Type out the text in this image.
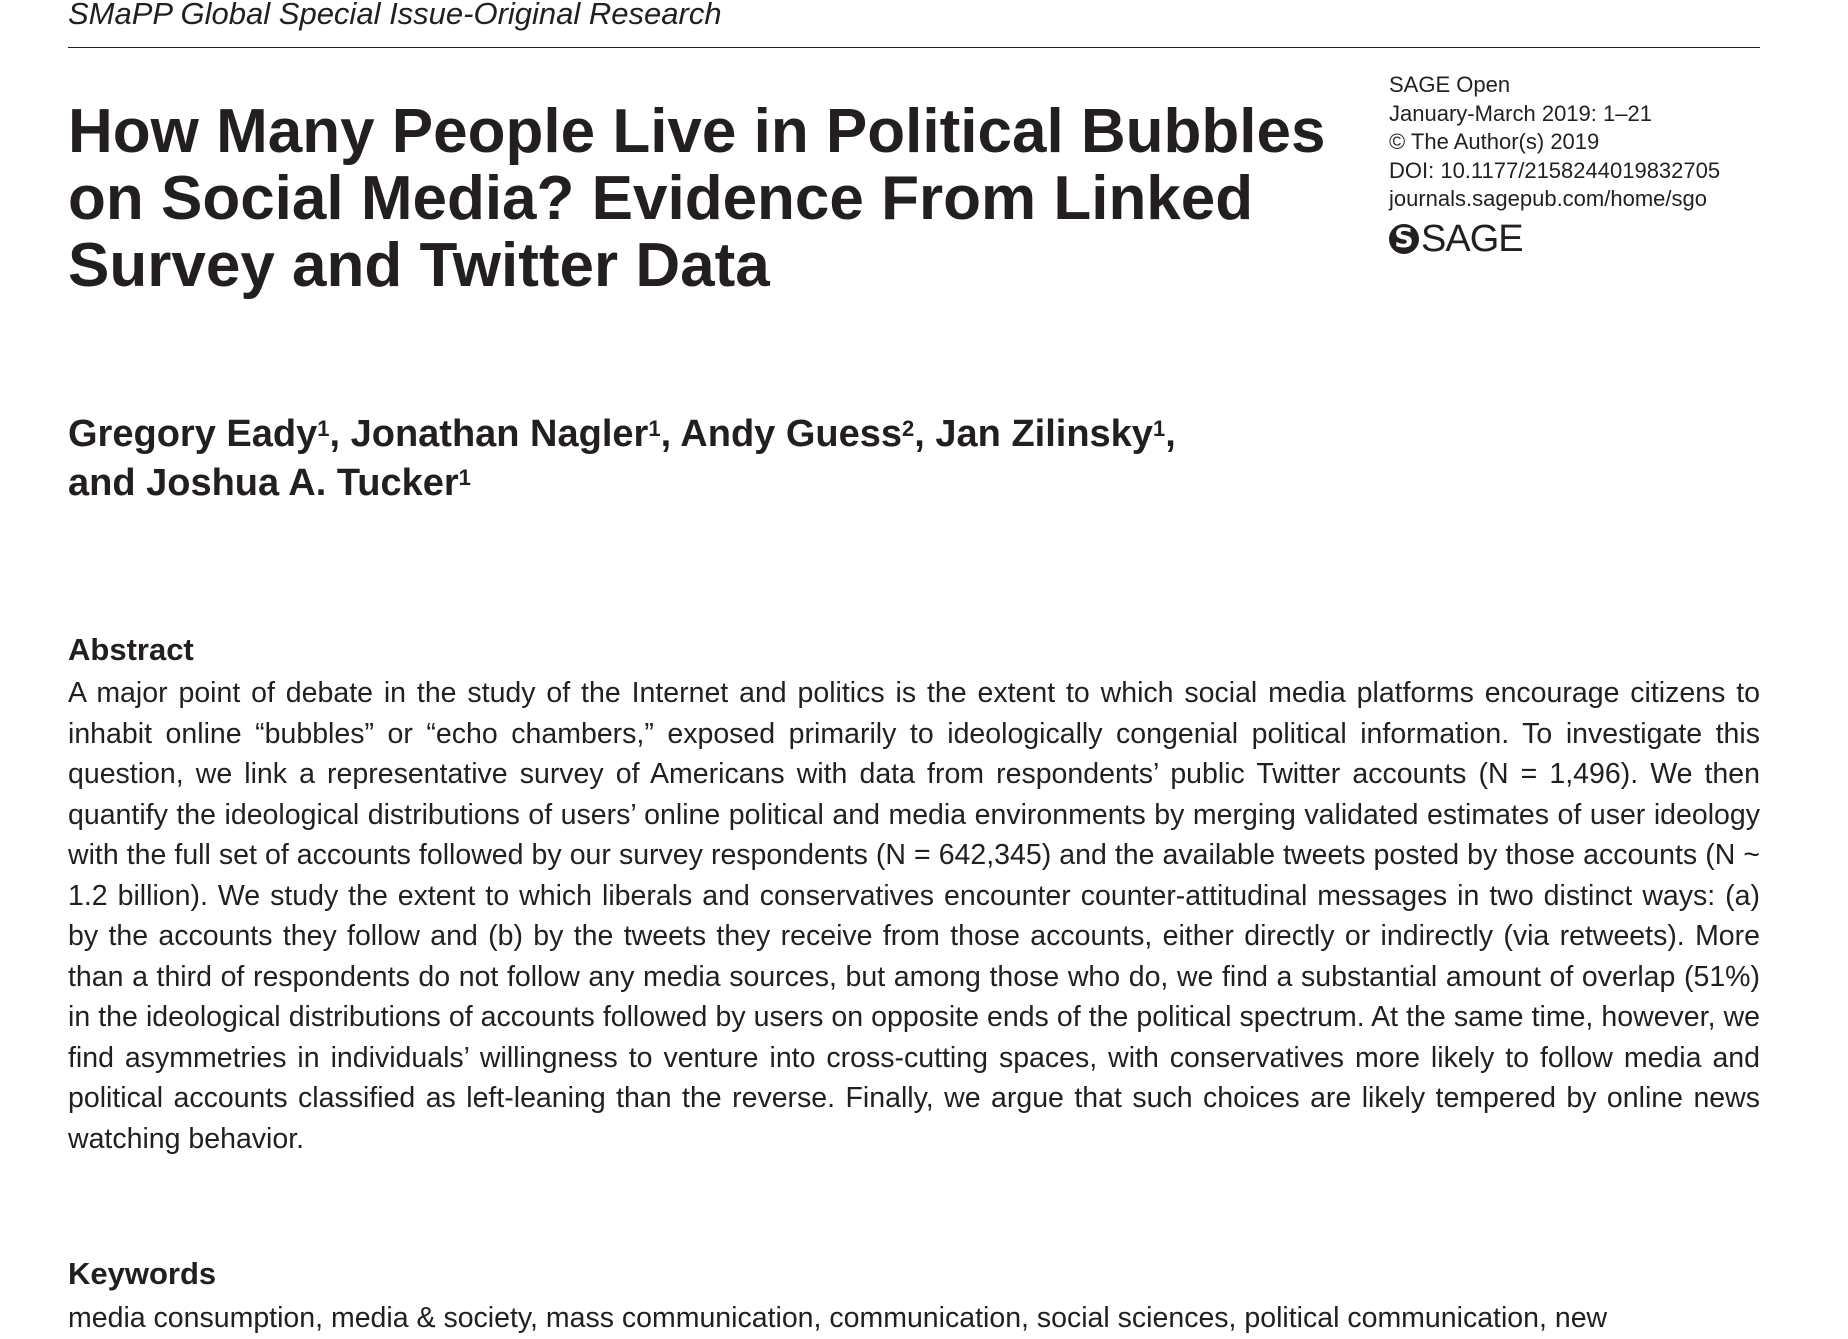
SMaPP Global Special Issue-Original Research
How Many People Live in Political Bubbles on Social Media? Evidence From Linked Survey and Twitter Data
SAGE Open
January-March 2019: 1–21
© The Author(s) 2019
DOI: 10.1177/2158244019832705
journals.sagepub.com/home/sgo
S SAGE
Gregory Eady$^1$, Jonathan Nagler$^1$, Andy Guess$^2$, Jan Zilinsky$^1$,
and Joshua A. Tucker$^1$
Abstract

A major point of debate in the study of the Internet and politics is the extent to which social media platforms encourage citizens to inhabit online “bubbles” or “echo chambers,” exposed primarily to ideologically congenial political information. To investigate this question, we link a representative survey of Americans with data from respondents’ public Twitter accounts (N = 1,496). We then quantify the ideological distributions of users’ online political and media environments by merging validated estimates of user ideology with the full set of accounts followed by our survey respondents (N = 642,345) and the available tweets posted by those accounts (N ~ 1.2 billion). We study the extent to which liberals and conservatives encounter counter-attitudinal messages in two distinct ways: (a) by the accounts they follow and (b) by the tweets they receive from those accounts, either directly or indirectly (via retweets). More than a third of respondents do not follow any media sources, but among those who do, we find a substantial amount of overlap (51%) in the ideological distributions of accounts followed by users on opposite ends of the political spectrum. At the same time, however, we find asymmetries in individuals’ willingness to venture into cross-cutting spaces, with conservatives more likely to follow media and political accounts classified as left-leaning than the reverse. Finally, we argue that such choices are likely tempered by online news watching behavior.

Keywords

media consumption, media & society, mass communication, communication, social sciences, political communication, new
